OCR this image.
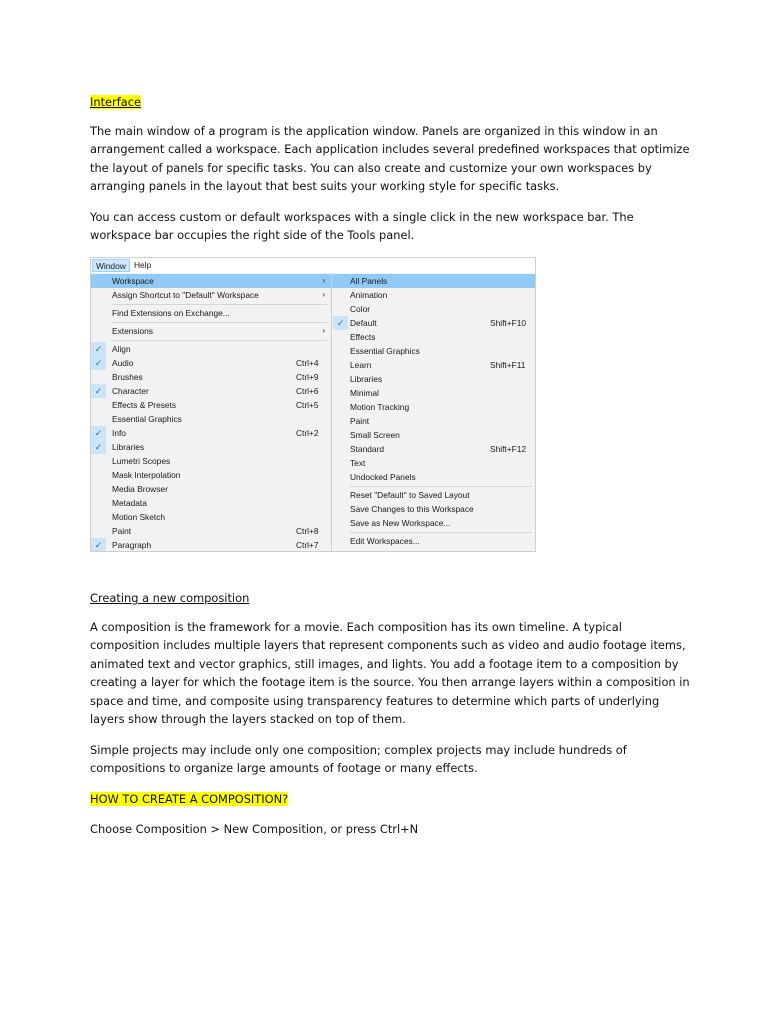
Interface

The main window of a program is the application window. Panels are organized in this window in an arrangement called a workspace. Each application includes several predefined workspaces that optimize the layout of panels for specific tasks. You can also create and customize your own workspaces by arranging panels in the layout that best suits your working style for specific tasks.

You can access custom or default workspaces with a single click in the new workspace bar. The workspace bar occupies the right side of the Tools panel.

Window Help
Workspace	›
Assign Shortcut to "Default" Workspace	›
Find Extensions on Exchange...
Extensions	›
✓	Align
✓	Audio	Ctrl+4
Brushes	Ctrl+9
✓	Character	Ctrl+6
Effects & Presets	Ctrl+5
Essential Graphics
✓	Info	Ctrl+2
✓	Libraries
Lumetri Scopes
Mask Interpolation
Media Browser
Metadata
Motion Sketch
Paint	Ctrl+8
✓	Paragraph	Ctrl+7
All Panels
Animation
Color
✓ Default	Shift+F10
Effects
Essential Graphics
Learn	Shift+F11
Libraries
Minimal
Motion Tracking
Paint
Small Screen
Standard	Shift+F12
Text
Undocked Panels
Reset "Default" to Saved Layout
Save Changes to this Workspace
Save as New Workspace...
Edit Workspaces...
Creating a new composition

A composition is the framework for a movie. Each composition has its own timeline. A typical composition includes multiple layers that represent components such as video and audio footage items, animated text and vector graphics, still images, and lights. You add a footage item to a composition by creating a layer for which the footage item is the source. You then arrange layers within a composition in space and time, and composite using transparency features to determine which parts of underlying layers show through the layers stacked on top of them.

Simple projects may include only one composition; complex projects may include hundreds of compositions to organize large amounts of footage or many effects.

HOW TO CREATE A COMPOSITION?

Choose Composition > New Composition, or press Ctrl+N
